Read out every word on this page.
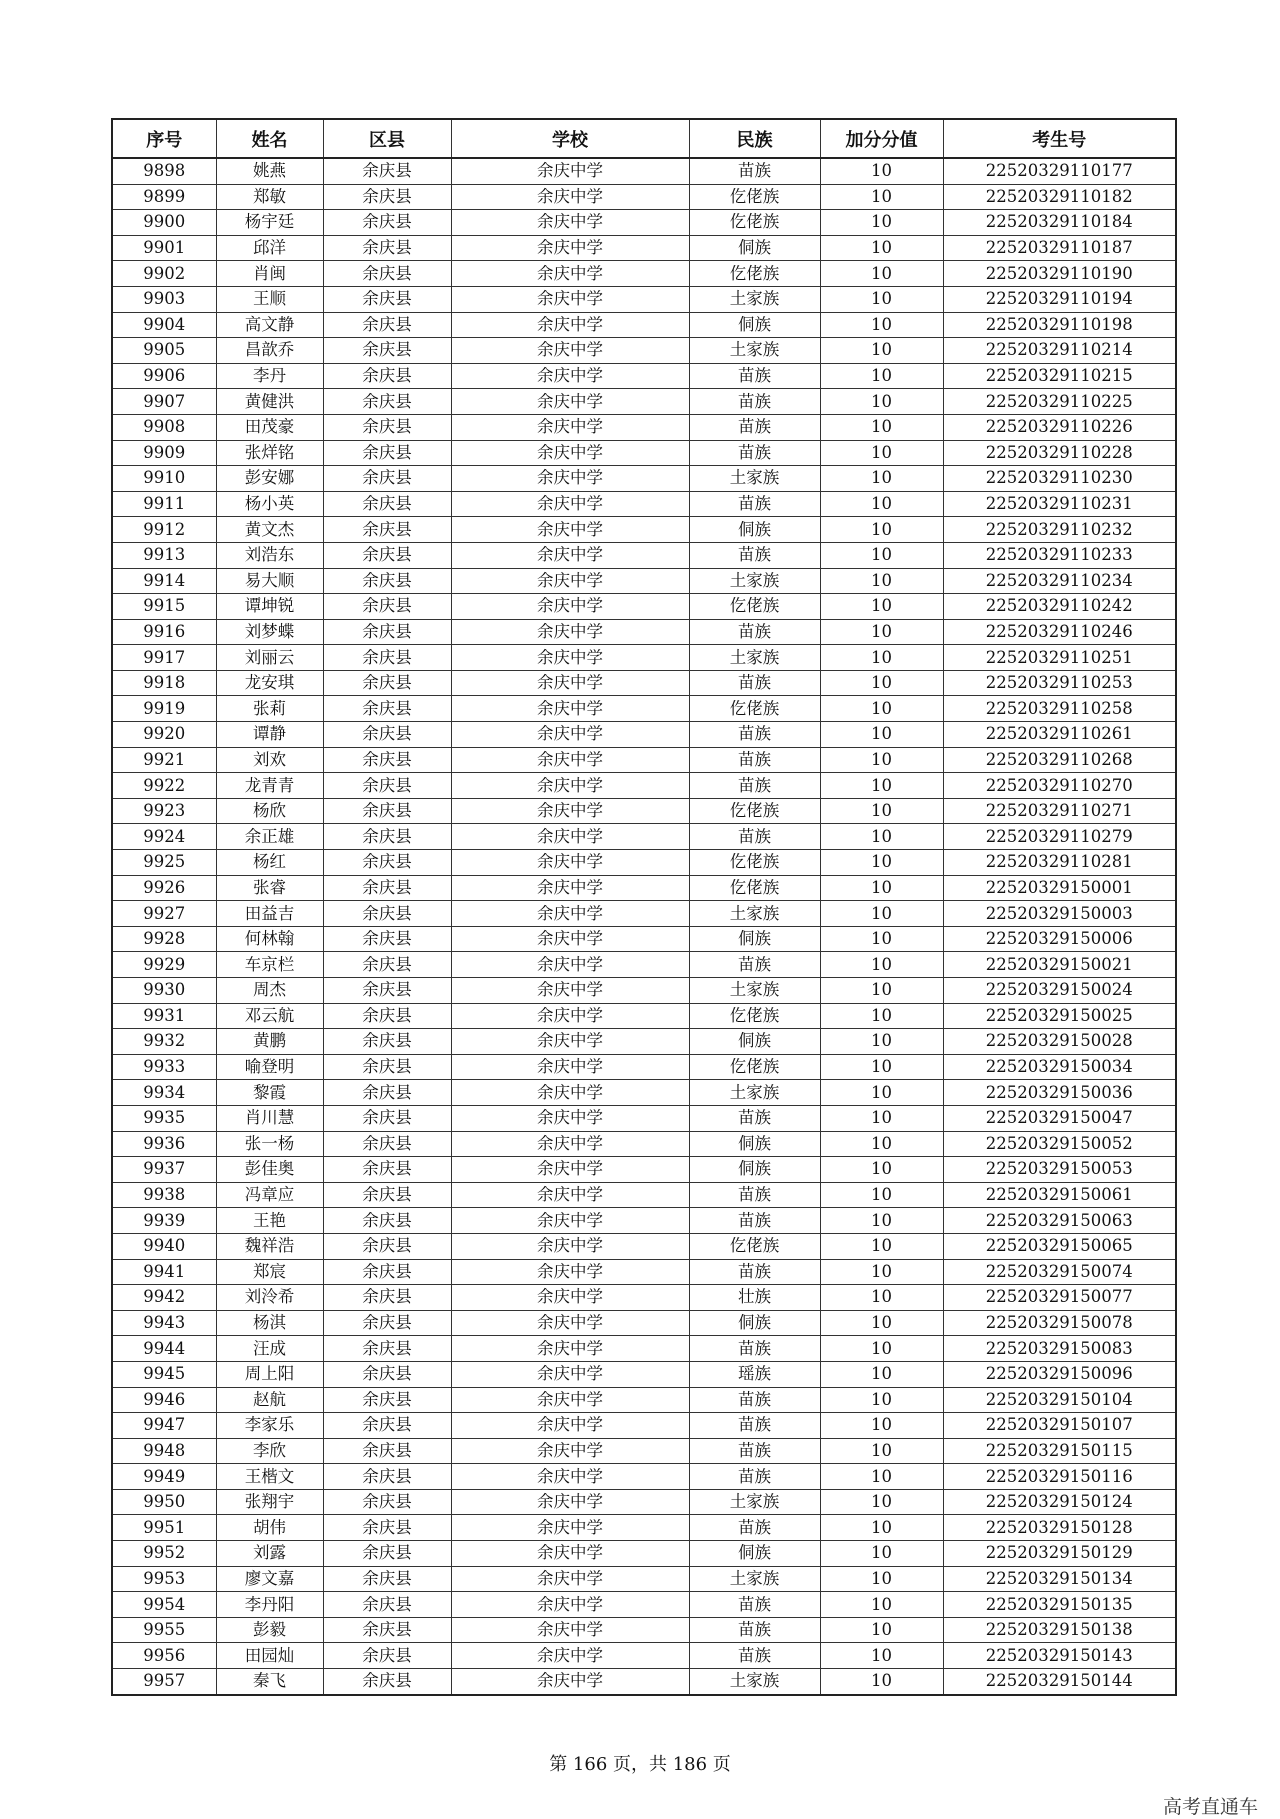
序号	姓名	区县	学校	民族	加分分值	考生号
9898	姚燕	余庆县	余庆中学	苗族	10	22520329110177
9899	郑敏	余庆县	余庆中学	仡佬族	10	22520329110182
9900	杨宇廷	余庆县	余庆中学	仡佬族	10	22520329110184
9901	邱洋	余庆县	余庆中学	侗族	10	22520329110187
9902	肖闽	余庆县	余庆中学	仡佬族	10	22520329110190
9903	王顺	余庆县	余庆中学	土家族	10	22520329110194
9904	高文静	余庆县	余庆中学	侗族	10	22520329110198
9905	昌歆乔	余庆县	余庆中学	土家族	10	22520329110214
9906	李丹	余庆县	余庆中学	苗族	10	22520329110215
9907	黄健洪	余庆县	余庆中学	苗族	10	22520329110225
9908	田茂豪	余庆县	余庆中学	苗族	10	22520329110226
9909	张烊铭	余庆县	余庆中学	苗族	10	22520329110228
9910	彭安娜	余庆县	余庆中学	土家族	10	22520329110230
9911	杨小英	余庆县	余庆中学	苗族	10	22520329110231
9912	黄文杰	余庆县	余庆中学	侗族	10	22520329110232
9913	刘浩东	余庆县	余庆中学	苗族	10	22520329110233
9914	易大顺	余庆县	余庆中学	土家族	10	22520329110234
9915	谭坤锐	余庆县	余庆中学	仡佬族	10	22520329110242
9916	刘梦蝶	余庆县	余庆中学	苗族	10	22520329110246
9917	刘丽云	余庆县	余庆中学	土家族	10	22520329110251
9918	龙安琪	余庆县	余庆中学	苗族	10	22520329110253
9919	张莉	余庆县	余庆中学	仡佬族	10	22520329110258
9920	谭静	余庆县	余庆中学	苗族	10	22520329110261
9921	刘欢	余庆县	余庆中学	苗族	10	22520329110268
9922	龙青青	余庆县	余庆中学	苗族	10	22520329110270
9923	杨欣	余庆县	余庆中学	仡佬族	10	22520329110271
9924	余正雄	余庆县	余庆中学	苗族	10	22520329110279
9925	杨红	余庆县	余庆中学	仡佬族	10	22520329110281
9926	张睿	余庆县	余庆中学	仡佬族	10	22520329150001
9927	田益吉	余庆县	余庆中学	土家族	10	22520329150003
9928	何林翰	余庆县	余庆中学	侗族	10	22520329150006
9929	车京栏	余庆县	余庆中学	苗族	10	22520329150021
9930	周杰	余庆县	余庆中学	土家族	10	22520329150024
9931	邓云航	余庆县	余庆中学	仡佬族	10	22520329150025
9932	黄鹏	余庆县	余庆中学	侗族	10	22520329150028
9933	喻登明	余庆县	余庆中学	仡佬族	10	22520329150034
9934	黎霞	余庆县	余庆中学	土家族	10	22520329150036
9935	肖川慧	余庆县	余庆中学	苗族	10	22520329150047
9936	张一杨	余庆县	余庆中学	侗族	10	22520329150052
9937	彭佳奥	余庆县	余庆中学	侗族	10	22520329150053
9938	冯章应	余庆县	余庆中学	苗族	10	22520329150061
9939	王艳	余庆县	余庆中学	苗族	10	22520329150063
9940	魏祥浩	余庆县	余庆中学	仡佬族	10	22520329150065
9941	郑宸	余庆县	余庆中学	苗族	10	22520329150074
9942	刘泠希	余庆县	余庆中学	壮族	10	22520329150077
9943	杨淇	余庆县	余庆中学	侗族	10	22520329150078
9944	汪成	余庆县	余庆中学	苗族	10	22520329150083
9945	周上阳	余庆县	余庆中学	瑶族	10	22520329150096
9946	赵航	余庆县	余庆中学	苗族	10	22520329150104
9947	李家乐	余庆县	余庆中学	苗族	10	22520329150107
9948	李欣	余庆县	余庆中学	苗族	10	22520329150115
9949	王楷文	余庆县	余庆中学	苗族	10	22520329150116
9950	张翔宇	余庆县	余庆中学	土家族	10	22520329150124
9951	胡伟	余庆县	余庆中学	苗族	10	22520329150128
9952	刘露	余庆县	余庆中学	侗族	10	22520329150129
9953	廖文嘉	余庆县	余庆中学	土家族	10	22520329150134
9954	李丹阳	余庆县	余庆中学	苗族	10	22520329150135
9955	彭毅	余庆县	余庆中学	苗族	10	22520329150138
9956	田园灿	余庆县	余庆中学	苗族	10	22520329150143
9957	秦飞	余庆县	余庆中学	土家族	10	22520329150144
第 166 页，共 186 页
高考直通车
